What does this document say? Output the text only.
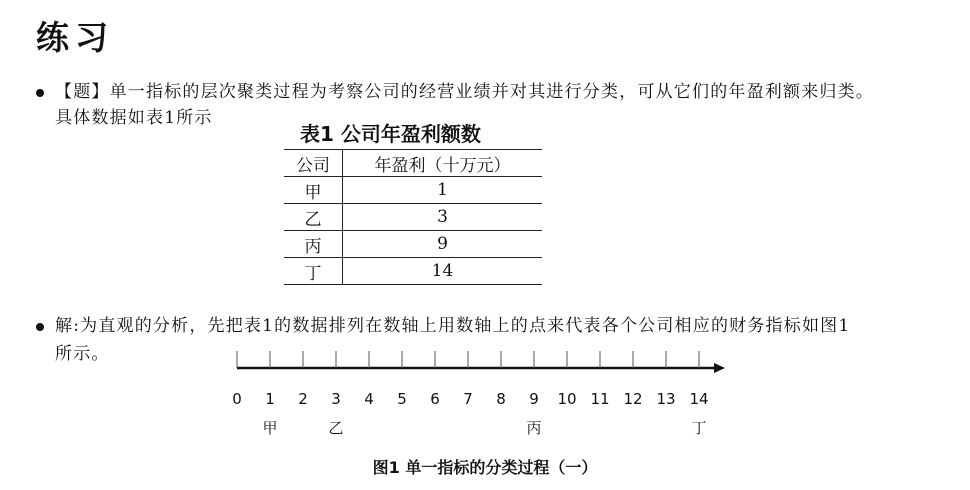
练习
【题】单一指标的层次聚类过程为考察公司的经营业绩并对其进行分类，可从它们的年盈利额来归类。
具体数据如表1所示
表1 公司年盈利额数
公司	年盈利（十万元）
甲	1
乙	3
丙	9
丁	14
解:为直观的分析，先把表1的数据排列在数轴上用数轴上的点来代表各个公司相应的财务指标如图1
所示。
0 1 2 3 4 5 6 7 8 9 10 11 12 13 14
甲	乙	丙	丁
图1 单一指标的分类过程（一）
